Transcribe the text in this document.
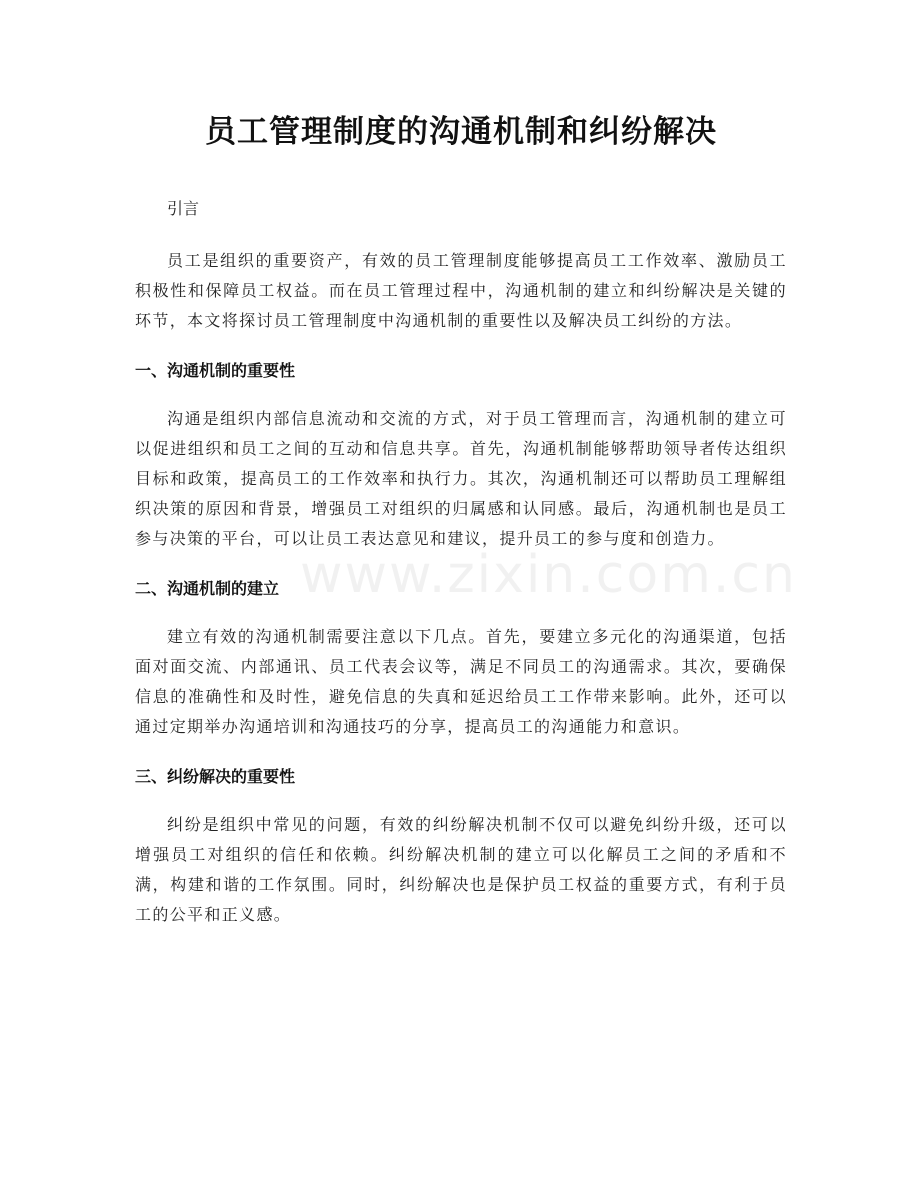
www.zixin.com.cn
员工管理制度的沟通机制和纠纷解决

引言

员工是组织的重要资产，有效的员工管理制度能够提高员工工作效率、激励员工积极性和保障员工权益。而在员工管理过程中，沟通机制的建立和纠纷解决是关键的环节，本文将探讨员工管理制度中沟通机制的重要性以及解决员工纠纷的方法。

一、沟通机制的重要性

沟通是组织内部信息流动和交流的方式，对于员工管理而言，沟通机制的建立可以促进组织和员工之间的互动和信息共享。首先，沟通机制能够帮助领导者传达组织目标和政策，提高员工的工作效率和执行力。其次，沟通机制还可以帮助员工理解组织决策的原因和背景，增强员工对组织的归属感和认同感。最后，沟通机制也是员工参与决策的平台，可以让员工表达意见和建议，提升员工的参与度和创造力。

二、沟通机制的建立

建立有效的沟通机制需要注意以下几点。首先，要建立多元化的沟通渠道，包括面对面交流、内部通讯、员工代表会议等，满足不同员工的沟通需求。其次，要确保信息的准确性和及时性，避免信息的失真和延迟给员工工作带来影响。此外，还可以通过定期举办沟通培训和沟通技巧的分享，提高员工的沟通能力和意识。

三、纠纷解决的重要性

纠纷是组织中常见的问题，有效的纠纷解决机制不仅可以避免纠纷升级，还可以增强员工对组织的信任和依赖。纠纷解决机制的建立可以化解员工之间的矛盾和不满，构建和谐的工作氛围。同时，纠纷解决也是保护员工权益的重要方式，有利于员工的公平和正义感。
